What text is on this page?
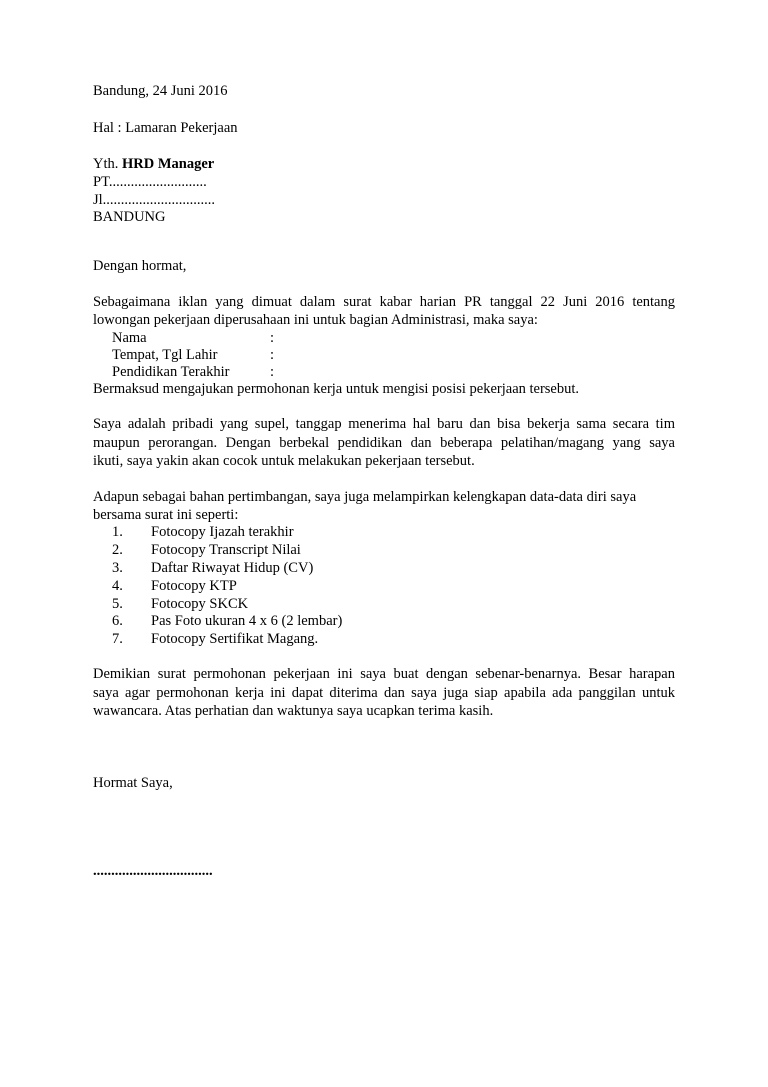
Bandung, 24 Juni 2016
Hal : Lamaran Pekerjaan
Yth. HRD Manager
PT...........................
Jl...............................
BANDUNG
Dengan hormat,
Sebagaimana iklan yang dimuat dalam surat kabar harian PR tanggal 22 Juni 2016 tentang
lowongan pekerjaan diperusahaan ini untuk bagian Administrasi, maka saya:
Nama	:
Tempat, Tgl Lahir	:
Pendidikan Terakhir	:
Bermaksud mengajukan permohonan kerja untuk mengisi posisi pekerjaan tersebut.
Saya adalah pribadi yang supel, tanggap menerima hal baru dan bisa bekerja sama secara tim
maupun perorangan. Dengan berbekal pendidikan dan beberapa pelatihan/magang yang saya
ikuti, saya yakin akan cocok untuk melakukan pekerjaan tersebut.
Adapun sebagai bahan pertimbangan, saya juga melampirkan kelengkapan data-data diri saya
bersama surat ini seperti:
1. Fotocopy Ijazah terakhir
2. Fotocopy Transcript Nilai
3. Daftar Riwayat Hidup (CV)
4. Fotocopy KTP
5. Fotocopy SKCK
6. Pas Foto ukuran 4 x 6 (2 lembar)
7. Fotocopy Sertifikat Magang.
Demikian surat permohonan pekerjaan ini saya buat dengan sebenar-benarnya. Besar harapan
saya agar permohonan kerja ini dapat diterima dan saya juga siap apabila ada panggilan untuk
wawancara. Atas perhatian dan waktunya saya ucapkan terima kasih.
Hormat Saya,
.................................
